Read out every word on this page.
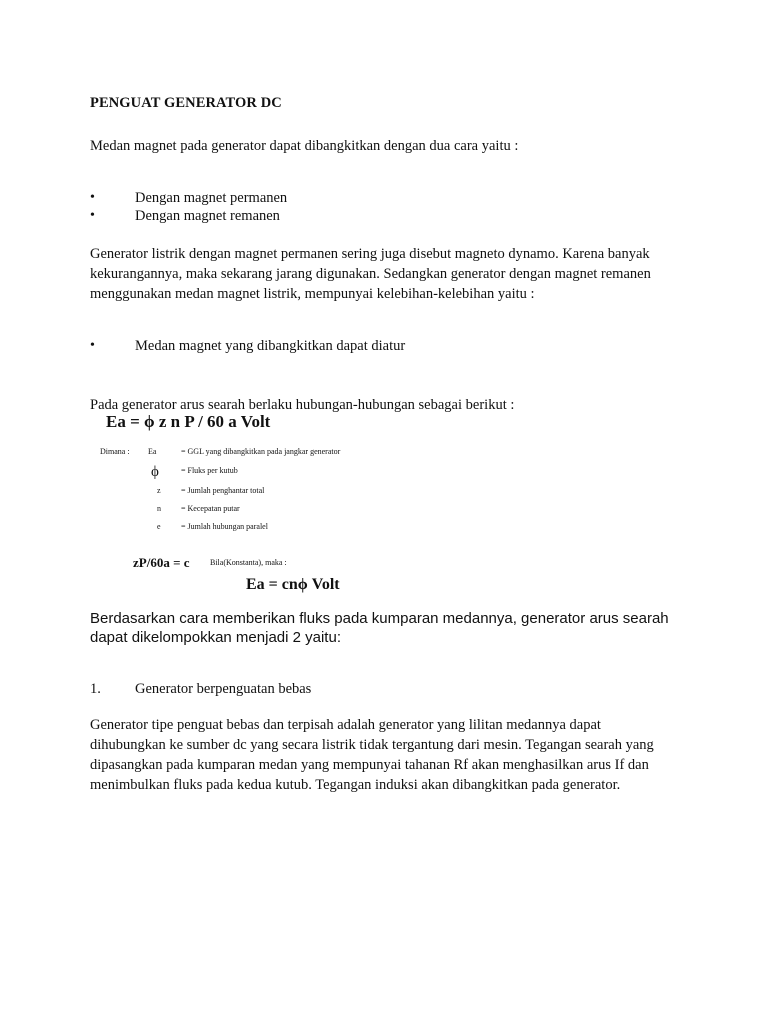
PENGUAT GENERATOR DC
Medan magnet pada generator dapat dibangkitkan dengan dua cara yaitu :
•	Dengan magnet permanen
•	Dengan magnet remanen
Generator listrik dengan magnet permanen sering juga disebut magneto dynamo. Karena banyak
kekurangannya, maka sekarang jarang digunakan. Sedangkan generator dengan magnet remanen
menggunakan medan magnet listrik, mempunyai kelebihan-kelebihan yaitu :
•	Medan magnet yang dibangkitkan dapat diatur
Pada generator arus searah berlaku hubungan-hubungan sebagai berikut :
Ea = ϕ z n P / 60 a Volt
Dimana : Ea	= GGL yang dibangkitkan pada jangkar generator
ϕ	= Fluks per kutub
z	= Jumlah penghantar total
n	= Kecepatan putar
e	= Jumlah hubungan paralel
zP/60a = c	Bila(Konstanta), maka :
Ea = cnϕ Volt
Berdasarkan cara memberikan fluks pada kumparan medannya, generator arus searah
dapat dikelompokkan menjadi 2 yaitu:
1. Generator berpenguatan bebas
Generator tipe penguat bebas dan terpisah adalah generator yang lilitan medannya dapat
dihubungkan ke sumber dc yang secara listrik tidak tergantung dari mesin. Tegangan searah yang
dipasangkan pada kumparan medan yang mempunyai tahanan Rf akan menghasilkan arus If dan
menimbulkan fluks pada kedua kutub. Tegangan induksi akan dibangkitkan pada generator.
